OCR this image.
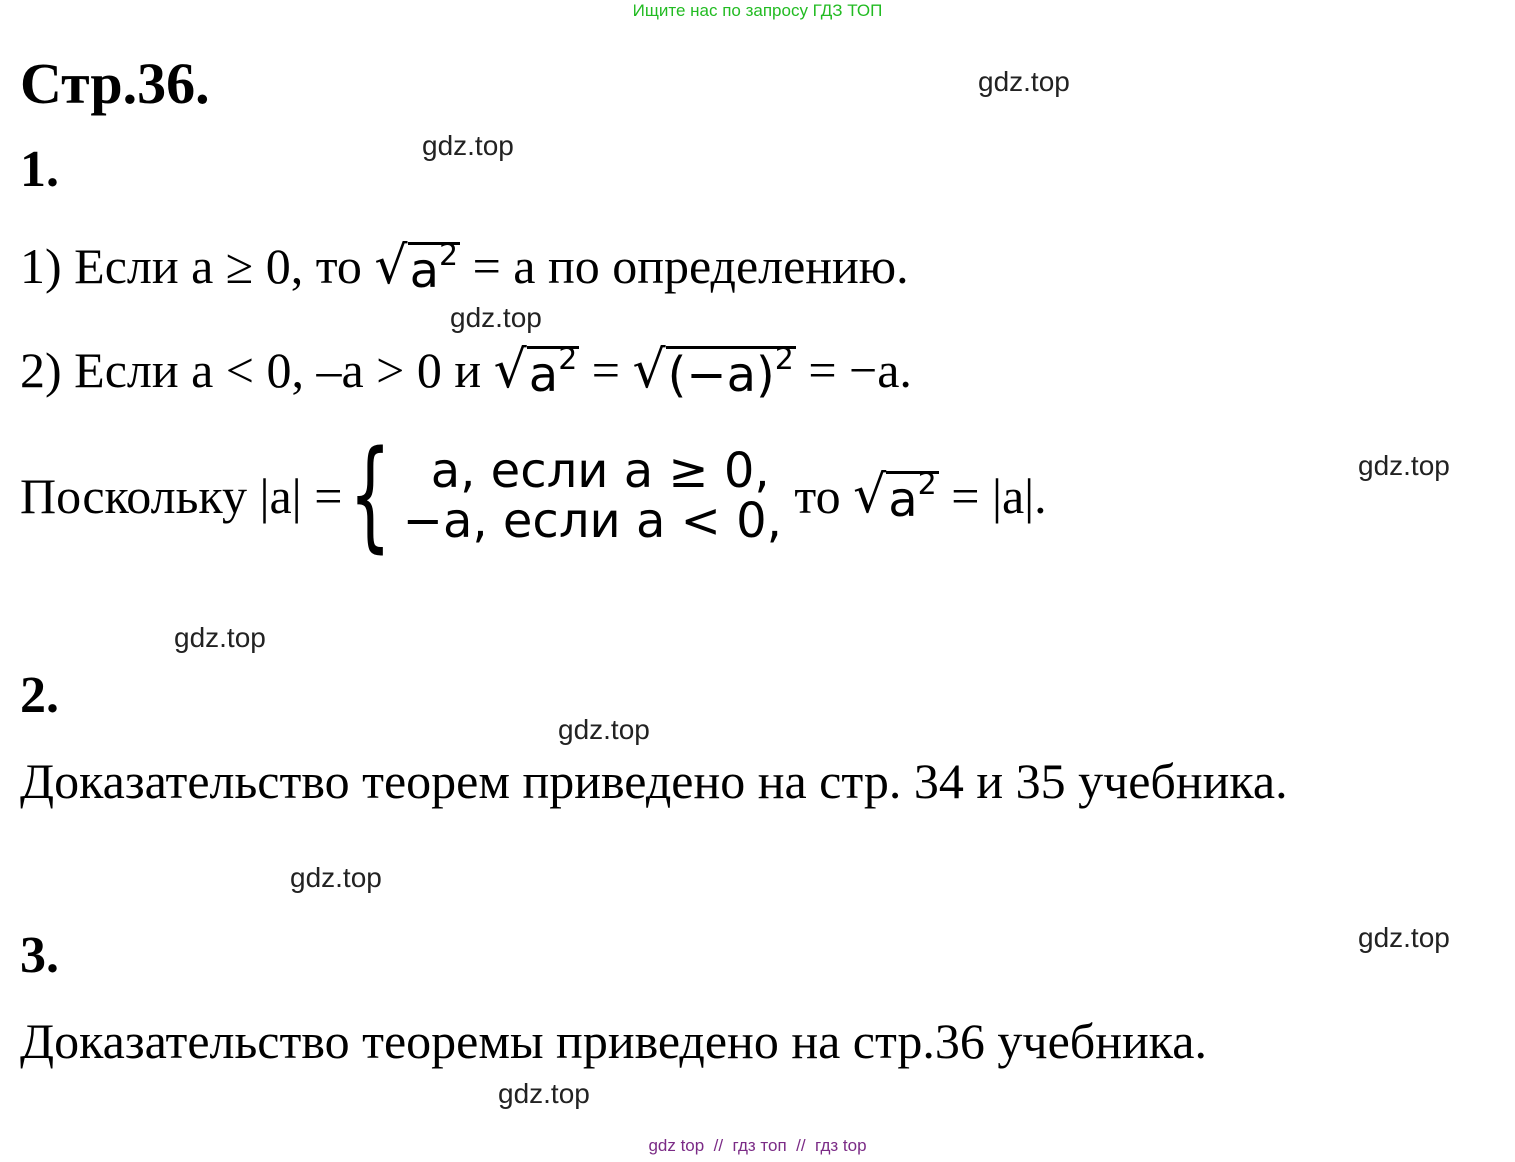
Ищите нас по запросу ГДЗ ТОП
Стр.36.	gdz.top
gdz.top
gdz.top
gdz.top
gdz.top
gdz.top
gdz.top
gdz.top
gdz.top
1.
1) Если a ≥ 0, то √ $a^2 = a$ по определению.
2) Если a < 0, –a > 0 и √ $a^2$ = √ $(-a)^2 = -a$.
Поскольку |a| = { a, если a ≥ 0,
−a, если a < 0, то √ $a^2 = |a|$.
2.
Доказательство теорем приведено на стр. 34 и 35 учебника.
3.
Доказательство теоремы приведено на стр.36 учебника.
gdz top  //  гдз топ  //  гдз top
